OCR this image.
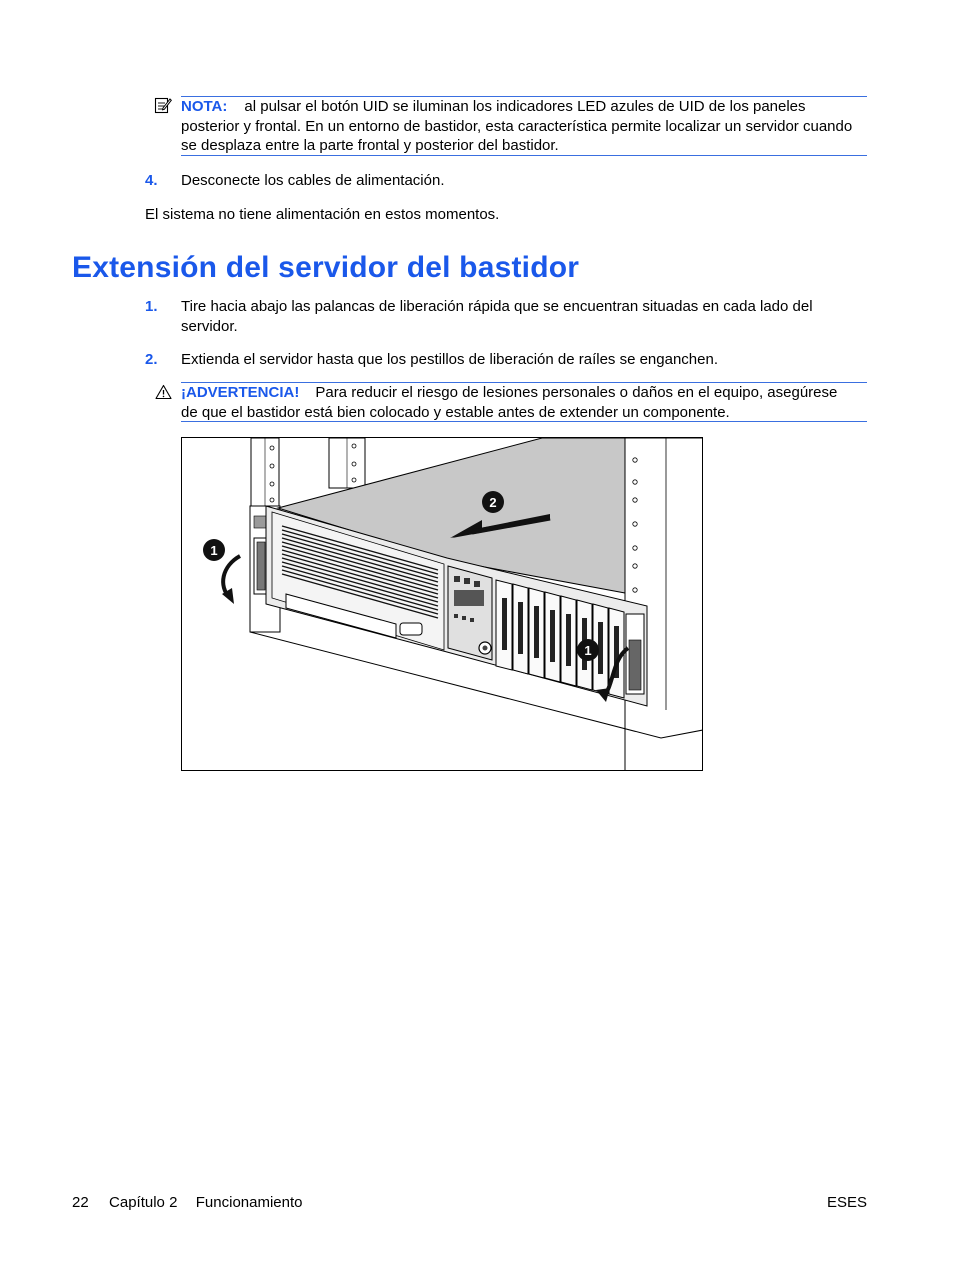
NOTA: al pulsar el botón UID se iluminan los indicadores LED azules de UID de los paneles
posterior y frontal. En un entorno de bastidor, esta característica permite localizar un servidor cuando
se desplaza entre la parte frontal y posterior del bastidor.
4. Desconecte los cables de alimentación.
El sistema no tiene alimentación en estos momentos.
Extensión del servidor del bastidor
1. Tire hacia abajo las palancas de liberación rápida que se encuentran situadas en cada lado del
servidor.
2. Extienda el servidor hasta que los pestillos de liberación de raíles se enganchen.
¡ADVERTENCIA! Para reducir el riesgo de lesiones personales o daños en el equipo, asegúrese
de que el bastidor está bien colocado y estable antes de extender un componente.
1
2
1
22 Capítulo 2 Funcionamiento	ESES
